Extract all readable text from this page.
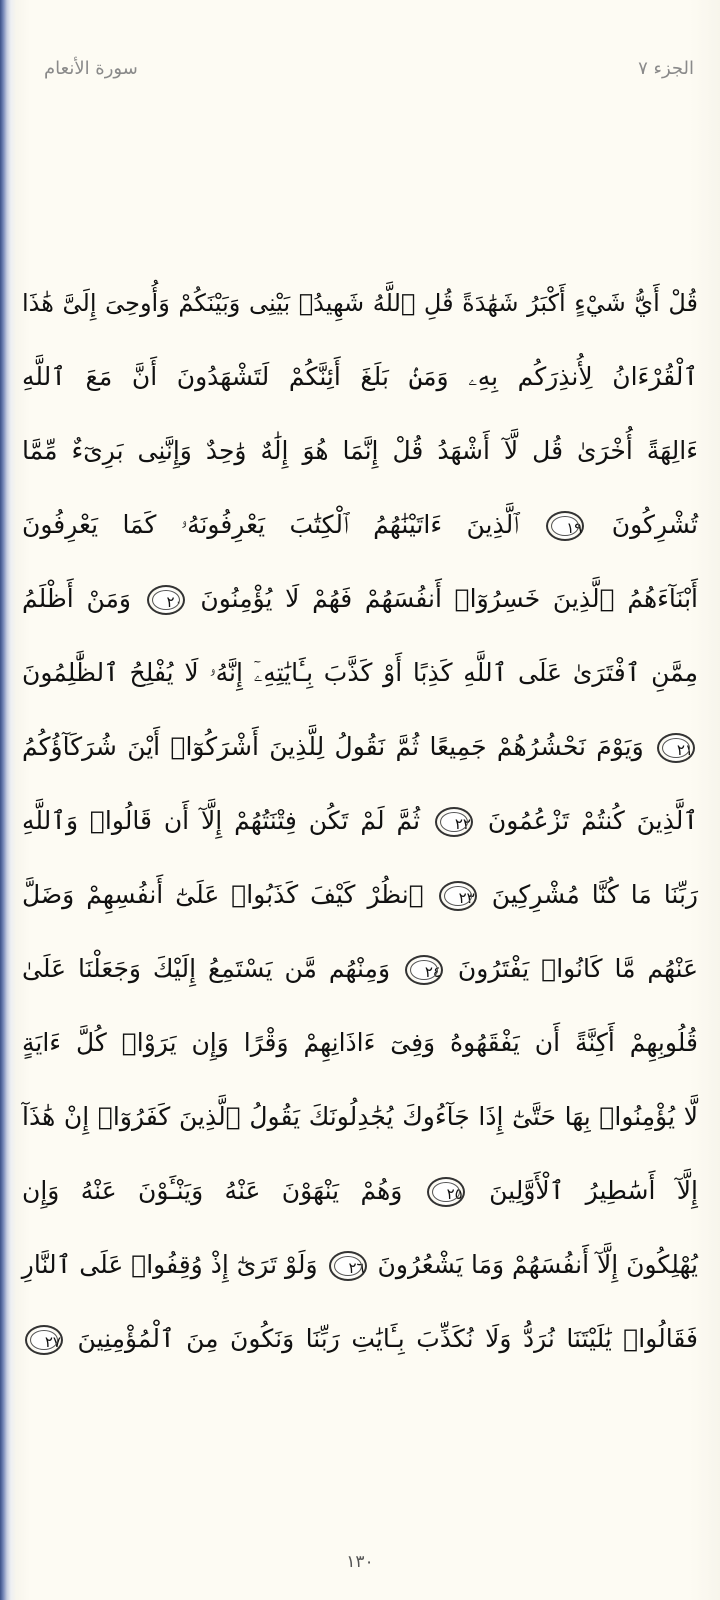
الجزء ٧
سورة الأنعام
قُلْ أَيُّ شَيْءٍ أَكْبَرُ شَهَٰدَةً قُلِ ٱللَّهُ شَهِيدُۢ بَيْنِى وَبَيْنَكُمْ وَأُوحِىَ إِلَىَّ هَٰذَا
ٱلْقُرْءَانُ لِأُنذِرَكُم بِهِۦ وَمَنۢ بَلَغَ أَئِنَّكُمْ لَتَشْهَدُونَ أَنَّ مَعَ ٱللَّهِ
ءَالِهَةً أُخْرَىٰ قُل لَّآ أَشْهَدُ قُلْ إِنَّمَا هُوَ إِلَٰهٌ وَٰحِدٌ وَإِنَّنِى بَرِىٓءٌ مِّمَّا
تُشْرِكُونَ ١٩ ٱلَّذِينَ ءَاتَيْنَٰهُمُ ٱلْكِتَٰبَ يَعْرِفُونَهُۥ كَمَا يَعْرِفُونَ
أَبْنَآءَهُمُ ٱلَّذِينَ خَسِرُوٓا۟ أَنفُسَهُمْ فَهُمْ لَا يُؤْمِنُونَ ٢٠ وَمَنْ أَظْلَمُ
مِمَّنِ ٱفْتَرَىٰ عَلَى ٱللَّهِ كَذِبًا أَوْ كَذَّبَ بِـَٔايَٰتِهِۦٓ إِنَّهُۥ لَا يُفْلِحُ ٱلظَّٰلِمُونَ
٢١ وَيَوْمَ نَحْشُرُهُمْ جَمِيعًا ثُمَّ نَقُولُ لِلَّذِينَ أَشْرَكُوٓا۟ أَيْنَ شُرَكَآؤُكُمُ
ٱلَّذِينَ كُنتُمْ تَزْعُمُونَ ٢٢ ثُمَّ لَمْ تَكُن فِتْنَتُهُمْ إِلَّآ أَن قَالُوا۟ وَٱللَّهِ
رَبِّنَا مَا كُنَّا مُشْرِكِينَ ٢٣ ٱنظُرْ كَيْفَ كَذَبُوا۟ عَلَىٰٓ أَنفُسِهِمْ وَضَلَّ
عَنْهُم مَّا كَانُوا۟ يَفْتَرُونَ ٢٤ وَمِنْهُم مَّن يَسْتَمِعُ إِلَيْكَ وَجَعَلْنَا عَلَىٰ
قُلُوبِهِمْ أَكِنَّةً أَن يَفْقَهُوهُ وَفِىٓ ءَاذَانِهِمْ وَقْرًا وَإِن يَرَوْا۟ كُلَّ ءَايَةٍ
لَّا يُؤْمِنُوا۟ بِهَا حَتَّىٰٓ إِذَا جَآءُوكَ يُجَٰدِلُونَكَ يَقُولُ ٱلَّذِينَ كَفَرُوٓا۟ إِنْ هَٰذَآ
إِلَّآ أَسَٰطِيرُ ٱلْأَوَّلِينَ ٢٥ وَهُمْ يَنْهَوْنَ عَنْهُ وَيَنْـَٔوْنَ عَنْهُ وَإِن
يُهْلِكُونَ إِلَّآ أَنفُسَهُمْ وَمَا يَشْعُرُونَ ٢٦ وَلَوْ تَرَىٰٓ إِذْ وُقِفُوا۟ عَلَى ٱلنَّارِ
فَقَالُوا۟ يَٰلَيْتَنَا نُرَدُّ وَلَا نُكَذِّبَ بِـَٔايَٰتِ رَبِّنَا وَنَكُونَ مِنَ ٱلْمُؤْمِنِينَ ٢٧
١٣٠
